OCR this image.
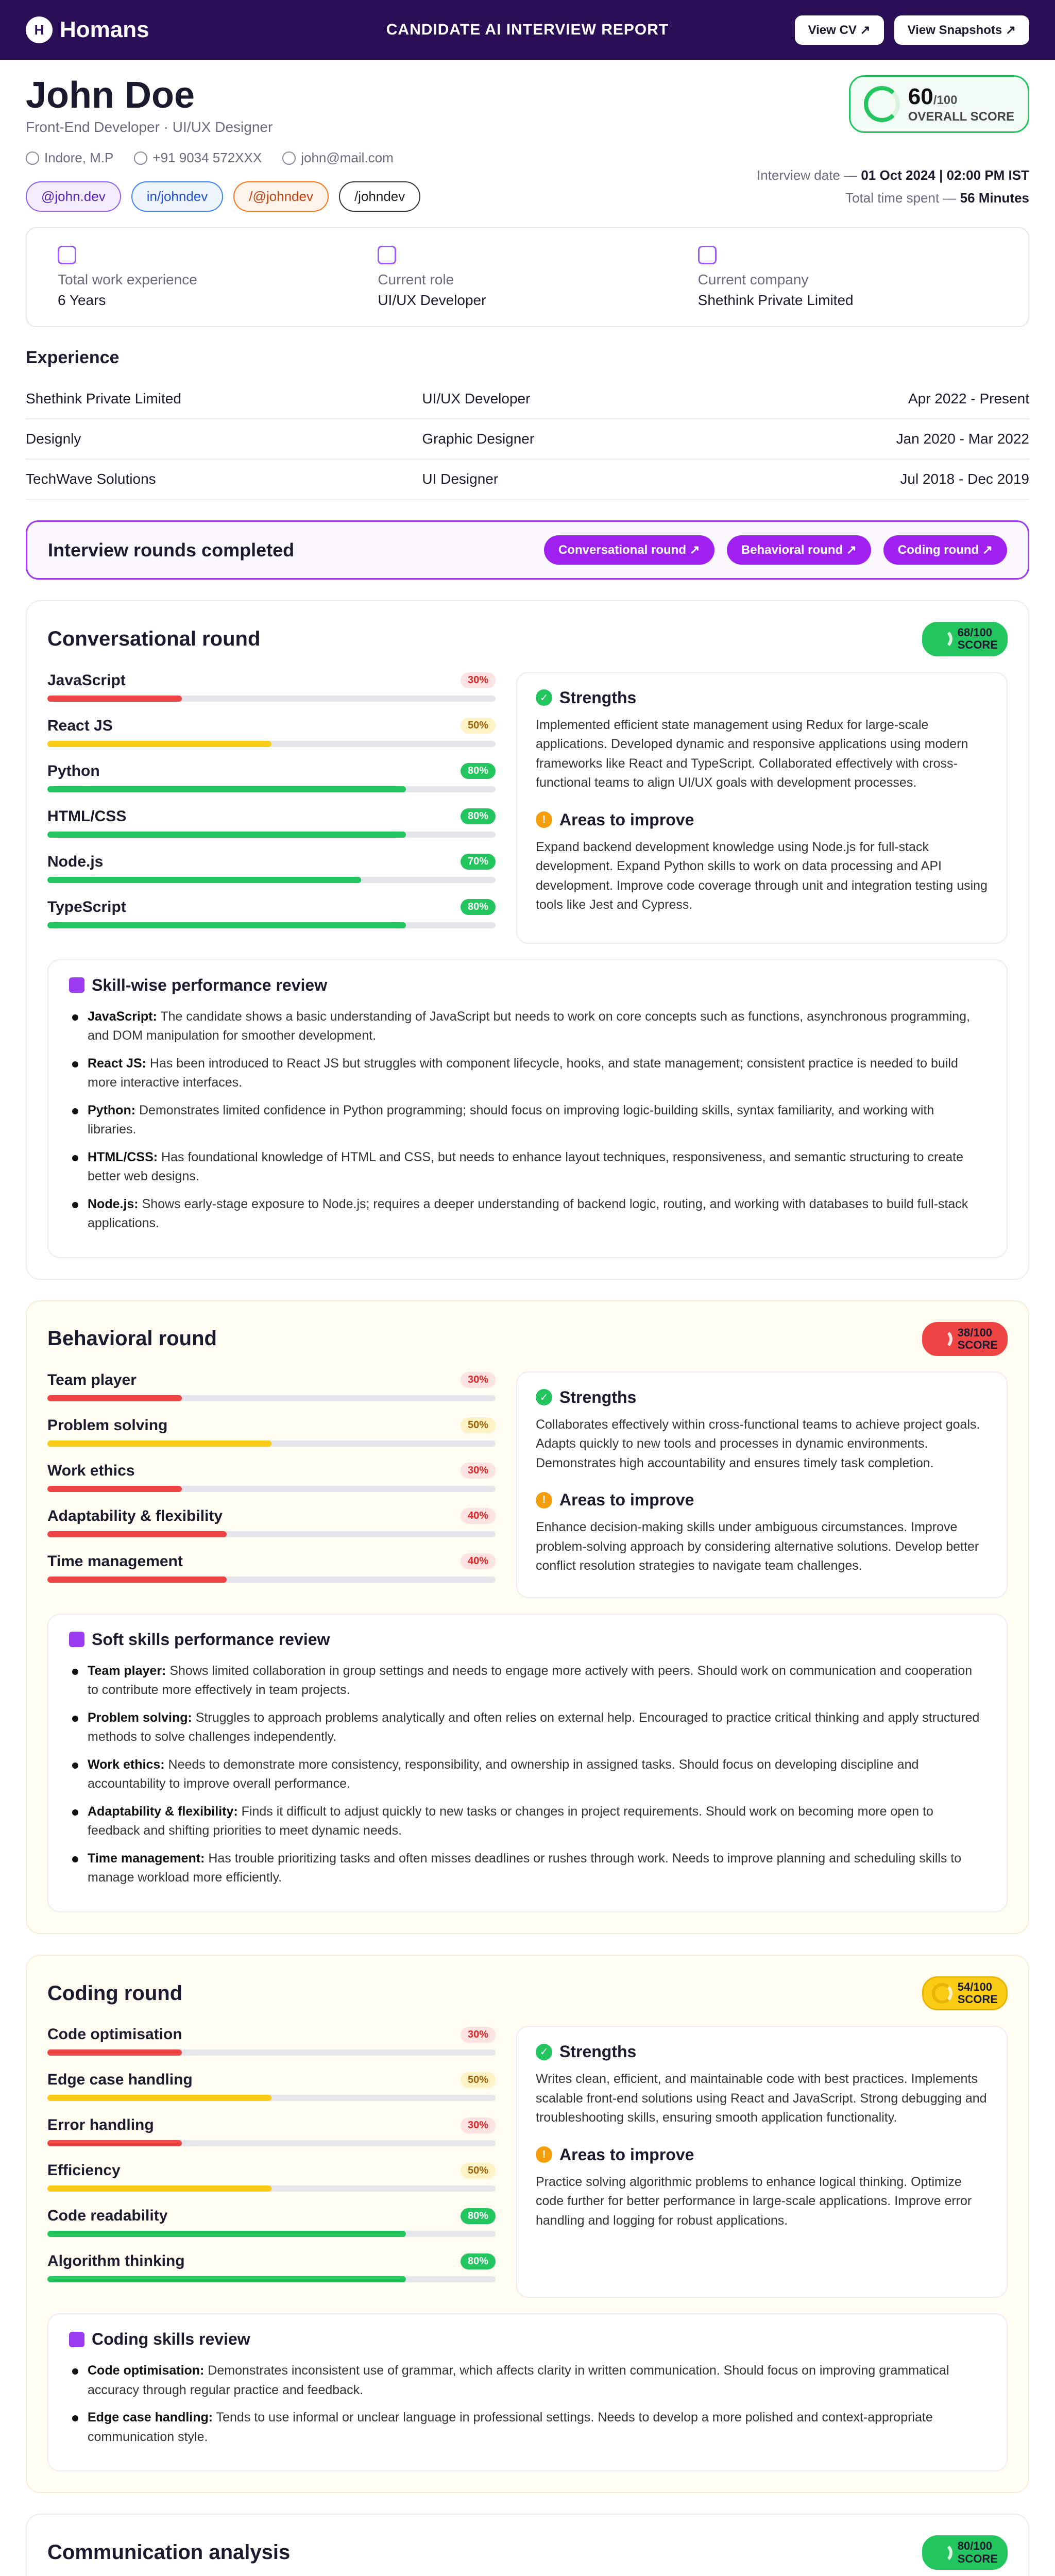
H Homans	CANDIDATE AI INTERVIEW REPORT	View CV ↗	View Snapshots ↗
John Doe
Front-End Developer · UI/UX Designer
Indore, M.P	+91 9034 572XXX	john@mail.com
@john.dev	in/johndev	/@johndev	/johndev
60/100
OVERALL SCORE
Interview date — 01 Oct 2024 | 02:00 PM IST
Total time spent — 56 Minutes
Total work experience
6 Years
Current role
UI/UX Developer
Current company
Shethink Private Limited
Experience
Shethink Private Limited	UI/UX Developer	Apr 2022 - Present
Designly	Graphic Designer	Jan 2020 - Mar 2022
TechWave Solutions	UI Designer	Jul 2018 - Dec 2019
Interview rounds completed	Conversational round ↗	Behavioral round ↗	Coding round ↗
Conversational round	68/100
SCORE
JavaScript	30%
React JS	50%
Python	80%
HTML/CSS	80%
Node.js	70%
TypeScript	80%
✓ Strengths
Implemented efficient state management using Redux for large-scale applications. Developed dynamic and responsive applications using modern frameworks like React and TypeScript. Collaborated effectively with cross-functional teams to align UI/UX goals with development processes.
! Areas to improve
Expand backend development knowledge using Node.js for full-stack development. Expand Python skills to work on data processing and API development. Improve code coverage through unit and integration testing using tools like Jest and Cypress.
Skill-wise performance review
JavaScript: The candidate shows a basic understanding of JavaScript but needs to work on core concepts such as functions, asynchronous programming, and DOM manipulation for smoother development.
React JS: Has been introduced to React JS but struggles with component lifecycle, hooks, and state management; consistent practice is needed to build more interactive interfaces.
Python: Demonstrates limited confidence in Python programming; should focus on improving logic-building skills, syntax familiarity, and working with libraries.
HTML/CSS: Has foundational knowledge of HTML and CSS, but needs to enhance layout techniques, responsiveness, and semantic structuring to create better web designs.
Node.js: Shows early-stage exposure to Node.js; requires a deeper understanding of backend logic, routing, and working with databases to build full-stack applications.
Behavioral round	38/100
SCORE
Team player	30%
Problem solving	50%
Work ethics	30%
Adaptability & flexibility	40%
Time management	40%
✓ Strengths
Collaborates effectively within cross-functional teams to achieve project goals. Adapts quickly to new tools and processes in dynamic environments. Demonstrates high accountability and ensures timely task completion.
! Areas to improve
Enhance decision-making skills under ambiguous circumstances. Improve problem-solving approach by considering alternative solutions. Develop better conflict resolution strategies to navigate team challenges.
Soft skills performance review
Team player: Shows limited collaboration in group settings and needs to engage more actively with peers. Should work on communication and cooperation to contribute more effectively in team projects.
Problem solving: Struggles to approach problems analytically and often relies on external help. Encouraged to practice critical thinking and apply structured methods to solve challenges independently.
Work ethics: Needs to demonstrate more consistency, responsibility, and ownership in assigned tasks. Should focus on developing discipline and accountability to improve overall performance.
Adaptability & flexibility: Finds it difficult to adjust quickly to new tasks or changes in project requirements. Should work on becoming more open to feedback and shifting priorities to meet dynamic needs.
Time management: Has trouble prioritizing tasks and often misses deadlines or rushes through work. Needs to improve planning and scheduling skills to manage workload more efficiently.
Coding round	54/100
SCORE
Code optimisation	30%
Edge case handling	50%
Error handling	30%
Efficiency	50%
Code readability	80%
Algorithm thinking	80%
✓ Strengths
Writes clean, efficient, and maintainable code with best practices. Implements scalable front-end solutions using React and JavaScript. Strong debugging and troubleshooting skills, ensuring smooth application functionality.
! Areas to improve
Practice solving algorithmic problems to enhance logical thinking. Optimize code further for better performance in large-scale applications. Improve error handling and logging for robust applications.
Coding skills review
Code optimisation: Demonstrates inconsistent use of grammar, which affects clarity in written communication. Should focus on improving grammatical accuracy through regular practice and feedback.
Edge case handling: Tends to use informal or unclear language in professional settings. Needs to develop a more polished and context-appropriate communication style.
Communication analysis	80/100
SCORE
